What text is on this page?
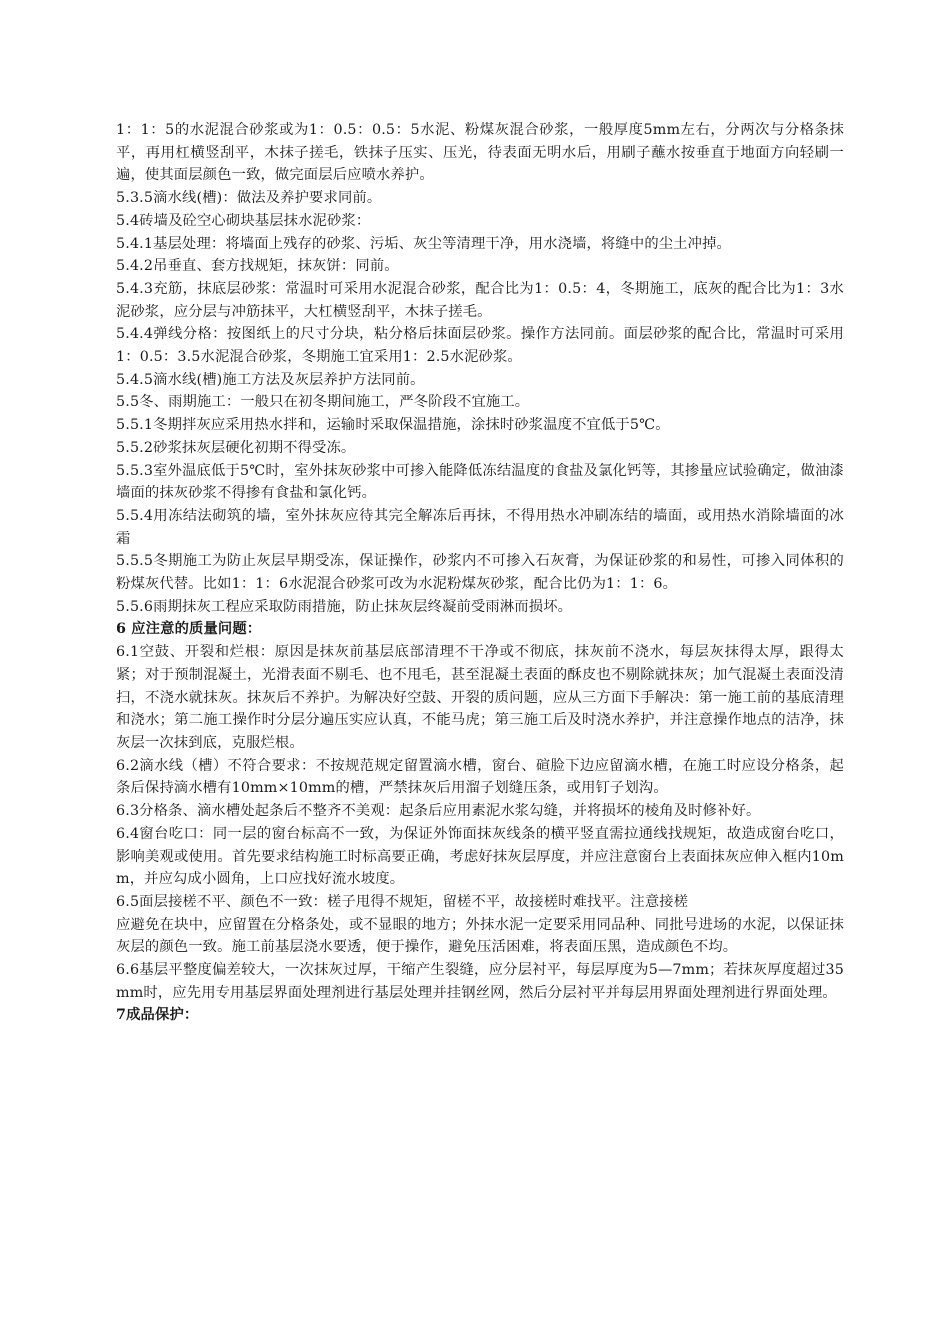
1：1：5的水泥混合砂浆或为1：0.5：0.5：5水泥、粉煤灰混合砂浆，一般厚度5mm左右，分两次与分格条抹平，再用杠横竖刮平，木抹子搓毛，铁抹子压实、压光，待表面无明水后，用刷子蘸水按垂直于地面方向轻刷一遍，使其面层颜色一致，做完面层后应喷水养护。

5.3.5滴水线(槽)：做法及养护要求同前。

5.4砖墙及砼空心砌块基层抹水泥砂浆：

5.4.1基层处理：将墙面上残存的砂浆、污垢、灰尘等清理干净，用水浇墙，将缝中的尘土冲掉。

5.4.2吊垂直、套方找规矩，抹灰饼：同前。

5.4.3充筋，抹底层砂浆：常温时可采用水泥混合砂浆，配合比为1：0.5：4，冬期施工，底灰的配合比为1：3水泥砂浆，应分层与冲筋抹平，大杠横竖刮平，木抹子搓毛。

5.4.4弹线分格：按图纸上的尺寸分块，粘分格后抹面层砂浆。操作方法同前。面层砂浆的配合比，常温时可采用1：0.5：3.5水泥混合砂浆，冬期施工宜采用1：2.5水泥砂浆。

5.4.5滴水线(槽)施工方法及灰层养护方法同前。

5.5冬、雨期施工：一般只在初冬期间施工，严冬阶段不宜施工。

5.5.1冬期拌灰应采用热水拌和，运输时采取保温措施，涂抹时砂浆温度不宜低于5℃。

5.5.2砂浆抹灰层硬化初期不得受冻。

5.5.3室外温底低于5℃时，室外抹灰砂浆中可掺入能降低冻结温度的食盐及氯化钙等，其掺量应试验确定，做油漆墙面的抹灰砂浆不得掺有食盐和氯化钙。

5.5.4用冻结法砌筑的墙，室外抹灰应待其完全解冻后再抹，不得用热水冲刷冻结的墙面，或用热水消除墙面的冰霜

5.5.5冬期施工为防止灰层早期受冻，保证操作，砂浆内不可掺入石灰膏，为保证砂浆的和易性，可掺入同体积的粉煤灰代替。比如1：1：6水泥混合砂浆可改为水泥粉煤灰砂浆，配合比仍为1：1：6。

5.5.6雨期抹灰工程应采取防雨措施，防止抹灰层终凝前受雨淋而损坏。

6 应注意的质量问题：

6.1空鼓、开裂和烂根：原因是抹灰前基层底部清理不干净或不彻底，抹灰前不浇水，每层灰抹得太厚，跟得太紧；对于预制混凝土，光滑表面不剔毛、也不甩毛，甚至混凝土表面的酥皮也不剔除就抹灰；加气混凝土表面没清扫，不浇水就抹灰。抹灰后不养护。为解决好空鼓、开裂的质问题，应从三方面下手解决：第一施工前的基底清理和浇水；第二施工操作时分层分遍压实应认真，不能马虎；第三施工后及时浇水养护，并注意操作地点的洁净，抹灰层一次抹到底，克服烂根。

6.2滴水线（槽）不符合要求：不按规范规定留置滴水槽，窗台、碹脸下边应留滴水槽，在施工时应设分格条，起条后保持滴水槽有10mm×10mm的槽，严禁抹灰后用溜子划缝压条，或用钉子划沟。

6.3分格条、滴水槽处起条后不整齐不美观：起条后应用素泥水浆勾缝，并将损坏的棱角及时修补好。

6.4窗台吃口：同一层的窗台标高不一致，为保证外饰面抹灰线条的横平竖直需拉通线找规矩，故造成窗台吃口，影响美观或使用。首先要求结构施工时标高要正确，考虑好抹灰层厚度，并应注意窗台上表面抹灰应伸入框内10mm，并应勾成小圆角，上口应找好流水坡度。

6.5面层接槎不平、颜色不一致：槎子甩得不规矩，留槎不平，故接槎时难找平。注意接槎

应避免在块中，应留置在分格条处，或不显眼的地方；外抹水泥一定要采用同品种、同批号进场的水泥，以保证抹灰层的颜色一致。施工前基层浇水要透，便于操作，避免压活困难，将表面压黑，造成颜色不均。

6.6基层平整度偏差较大，一次抹灰过厚，干缩产生裂缝，应分层衬平，每层厚度为5—7mm；若抹灰厚度超过35mm时，应先用专用基层界面处理剂进行基层处理并挂钢丝网，然后分层衬平并每层用界面处理剂进行界面处理。

7成品保护：
